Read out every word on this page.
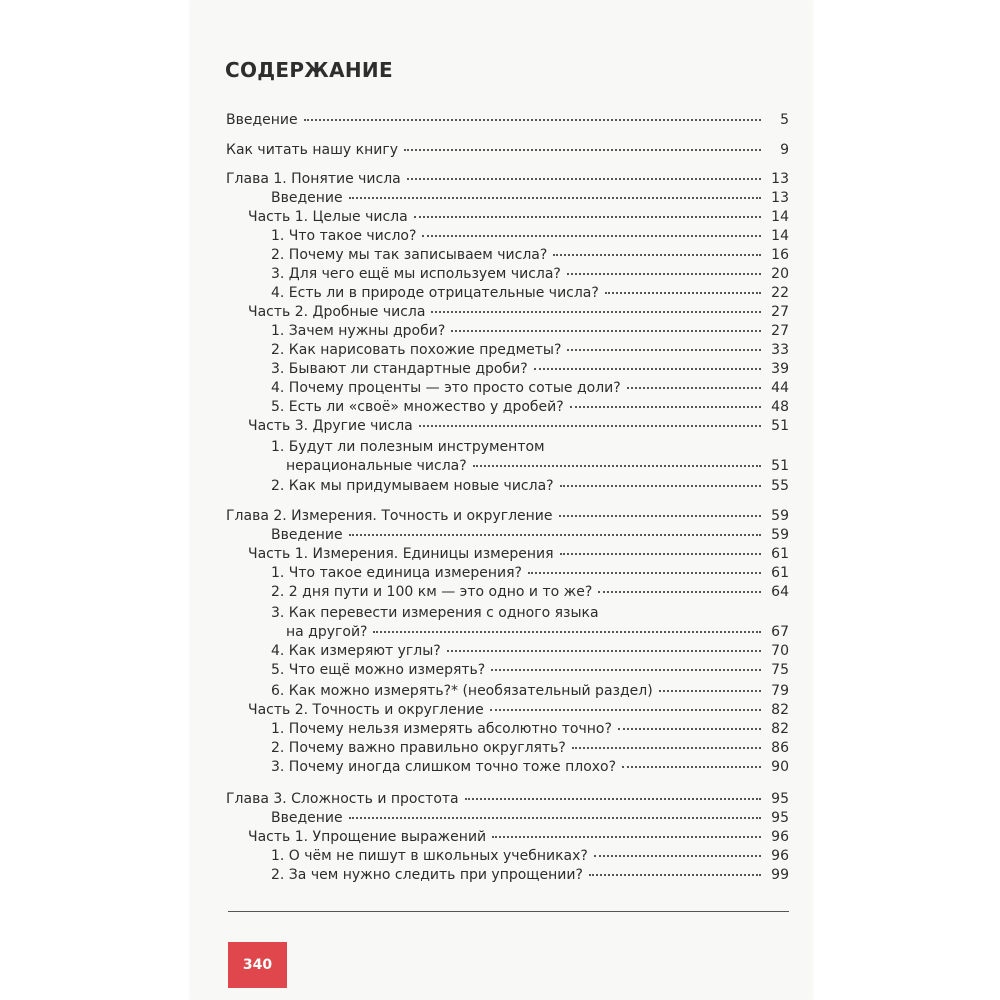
СОДЕРЖАНИЕ
Введение	5
Как читать нашу книгу	9
Глава 1. Понятие числа	13
Введение	13
Часть 1. Целые числа	14
1. Что такое число?	14
2. Почему мы так записываем числа?	16
3. Для чего ещё мы используем числа?	20
4. Есть ли в природе отрицательные числа?	22
Часть 2. Дробные числа	27
1. Зачем нужны дроби?	27
2. Как нарисовать похожие предметы?	33
3. Бывают ли стандартные дроби?	39
4. Почему проценты — это просто сотые доли?	44
5. Есть ли «своё» множество у дробей?	48
Часть 3. Другие числа	51
1. Будут ли полезным инструментом
нерациональные числа?	51
2. Как мы придумываем новые числа?	55
Глава 2. Измерения. Точность и округление	59
Введение	59
Часть 1. Измерения. Единицы измерения	61
1. Что такое единица измерения?	61
2. 2 дня пути и 100 км — это одно и то же?	64
3. Как перевести измерения с одного языка
на другой?	67
4. Как измеряют углы?	70
5. Что ещё можно измерять?	75
6. Как можно измерять?* (необязательный раздел)	79
Часть 2. Точность и округление	82
1. Почему нельзя измерять абсолютно точно?	82
2. Почему важно правильно округлять?	86
3. Почему иногда слишком точно тоже плохо?	90
Глава 3. Сложность и простота	95
Введение	95
Часть 1. Упрощение выражений	96
1. О чём не пишут в школьных учебниках?	96
2. За чем нужно следить при упрощении?	99
340
